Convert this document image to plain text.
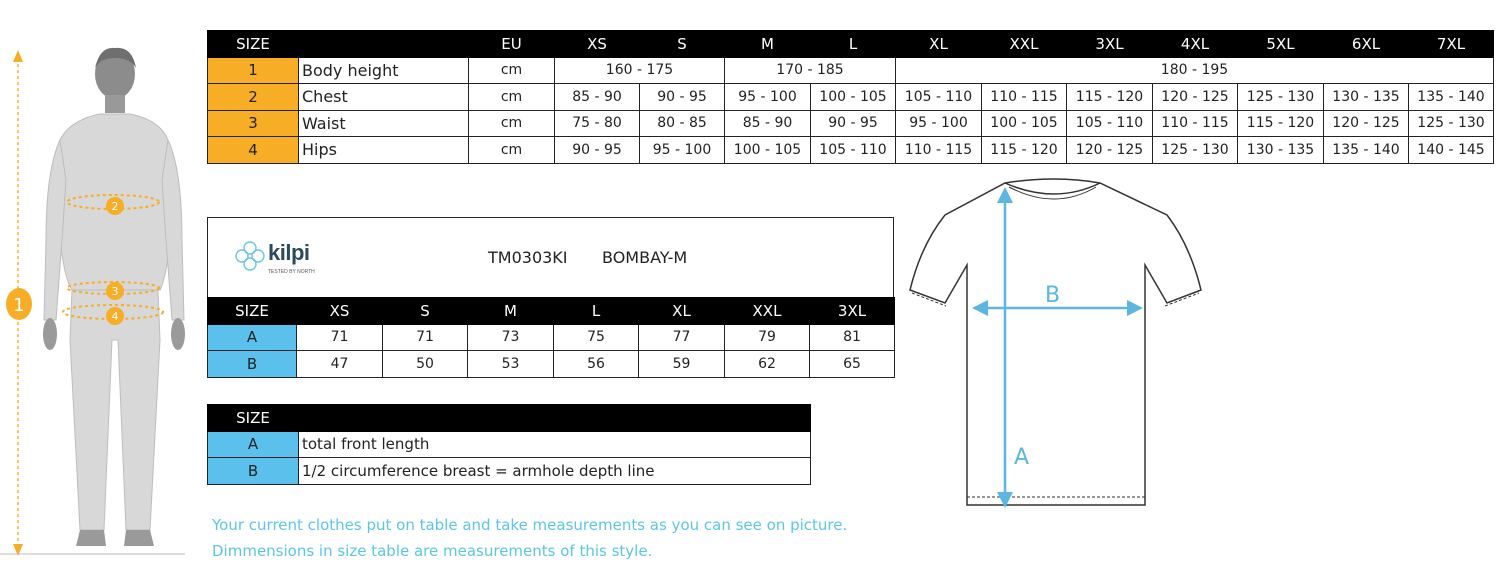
1
2
3
4
SIZE		EU	XS	S	M	L	XL	XXL	3XL	4XL	5XL	6XL	7XL
1	Body height	cm	160 - 175		170 - 185		180 - 195						
2	Chest	cm	85 - 90	90 - 95	95 - 100	100 - 105	105 - 110	110 - 115	115 - 120	120 - 125	125 - 130	130 - 135	135 - 140
3	Waist	cm	75 - 80	80 - 85	85 - 90	90 - 95	95 - 100	100 - 105	105 - 110	110 - 115	115 - 120	120 - 125	125 - 130
4	Hips	cm	90 - 95	95 - 100	100 - 105	105 - 110	110 - 115	115 - 120	120 - 125	125 - 130	130 - 135	135 - 140	140 - 145
kilpi
TESTED BY NORTH
TM0303KI BOMBAY-M
SIZE	XS	S	M	L	XL	XXL	3XL
A	71	71	73	75	77	79	81
B	47	50	53	56	59	62	65
SIZE	
A	total front length
B	1/2 circumference breast = armhole depth line
B
A
Your current clothes put on table and take measurements as you can see on picture.
Dimmensions in size table are measurements of this style.
